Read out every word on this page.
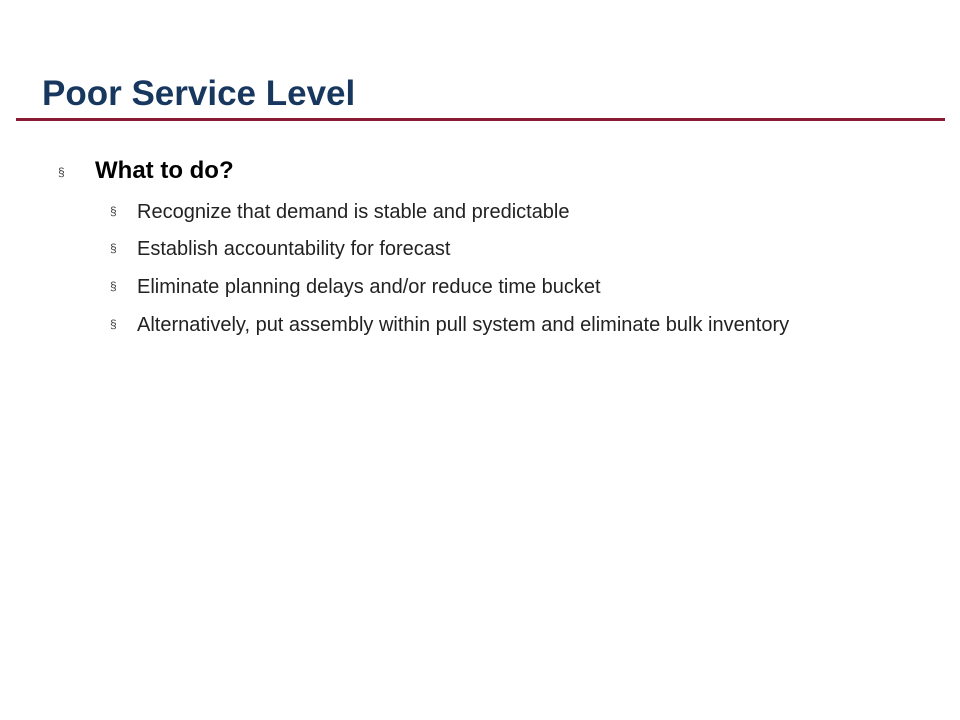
Poor Service Level
§	What to do?
§	Recognize that demand is stable and predictable
§	Establish accountability for forecast
§	Eliminate planning delays and/or reduce time bucket
§	Alternatively, put assembly within pull system and eliminate bulk inventory
